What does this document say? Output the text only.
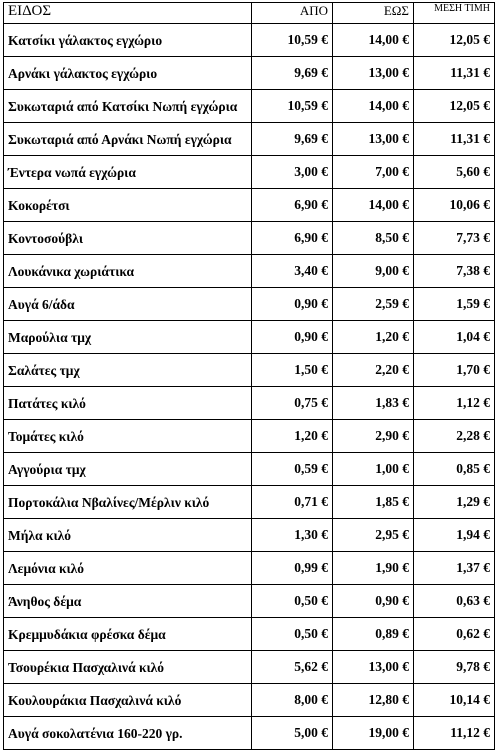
ΕΙΔΟΣ	ΑΠΟ	ΕΩΣ	ΜΕΣΗ ΤΙΜΗ
Κατσίκι γάλακτος εγχώριο	10,59 €	14,00 €	12,05 €
Αρνάκι γάλακτος εγχώριο	9,69 €	13,00 €	11,31 €
Συκωταριά από Κατσίκι Νωπή εγχώρια	10,59 €	14,00 €	12,05 €
Συκωταριά από Αρνάκι Νωπή εγχώρια	9,69 €	13,00 €	11,31 €
Έντερα νωπά εγχώρια	3,00 €	7,00 €	5,60 €
Κοκορέτσι	6,90 €	14,00 €	10,06 €
Κοντοσούβλι	6,90 €	8,50 €	7,73 €
Λουκάνικα χωριάτικα	3,40 €	9,00 €	7,38 €
Αυγά 6/άδα	0,90 €	2,59 €	1,59 €
Μαρούλια τμχ	0,90 €	1,20 €	1,04 €
Σαλάτες τμχ	1,50 €	2,20 €	1,70 €
Πατάτες κιλό	0,75 €	1,83 €	1,12 €
Τομάτες κιλό	1,20 €	2,90 €	2,28 €
Αγγούρια τμχ	0,59 €	1,00 €	0,85 €
Πορτοκάλια Νβαλίνες/Μέρλιν κιλό	0,71 €	1,85 €	1,29 €
Μήλα κιλό	1,30 €	2,95 €	1,94 €
Λεμόνια κιλό	0,99 €	1,90 €	1,37 €
Άνηθος δέμα	0,50 €	0,90 €	0,63 €
Κρεμμυδάκια φρέσκα δέμα	0,50 €	0,89 €	0,62 €
Τσουρέκια Πασχαλινά κιλό	5,62 €	13,00 €	9,78 €
Κουλουράκια Πασχαλινά κιλό	8,00 €	12,80 €	10,14 €
Αυγά σοκολατένια 160-220 γρ.	5,00 €	19,00 €	11,12 €
